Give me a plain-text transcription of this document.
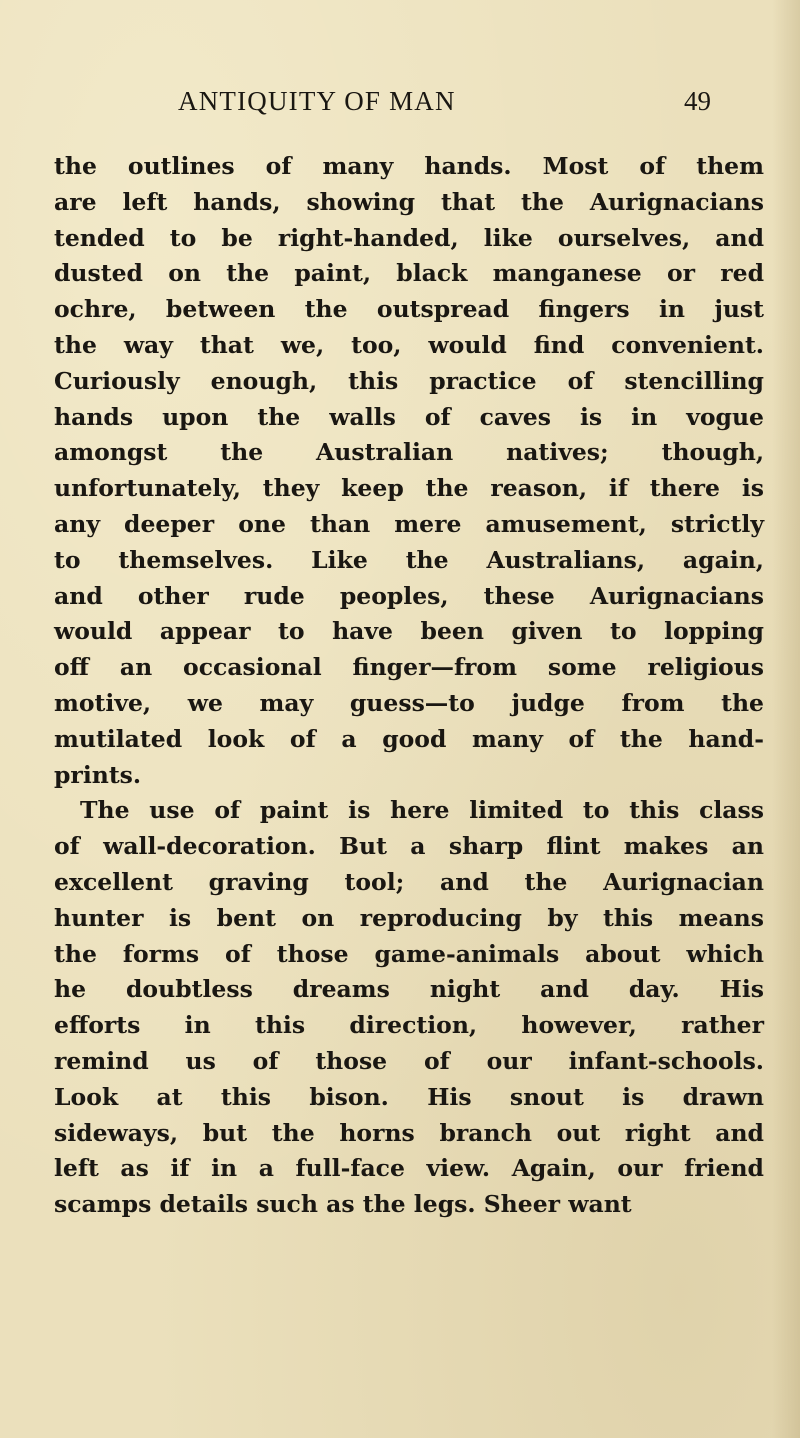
ANTIQUITY OF MAN	49
the outlines of many hands. Most of them
are left hands, showing that the Aurignacians
tended to be right-handed, like ourselves, and
dusted on the paint, black manganese or red
ochre, between the outspread fingers in just
the way that we, too, would find convenient.
Curiously enough, this practice of stencilling
hands upon the walls of caves is in vogue
amongst the Australian natives; though,
unfortunately, they keep the reason, if there is
any deeper one than mere amusement, strictly
to themselves. Like the Australians, again,
and other rude peoples, these Aurignacians
would appear to have been given to lopping
off an occasional finger—from some religious
motive, we may guess—to judge from the
mutilated look of a good many of the hand-
prints.
The use of paint is here limited to this class
of wall-decoration. But a sharp flint makes an
excellent graving tool; and the Aurignacian
hunter is bent on reproducing by this means
the forms of those game-animals about which
he doubtless dreams night and day. His
efforts in this direction, however, rather
remind us of those of our infant-schools.
Look at this bison. His snout is drawn
sideways, but the horns branch out right and
left as if in a full-face view. Again, our friend
scamps details such as the legs. Sheer want
